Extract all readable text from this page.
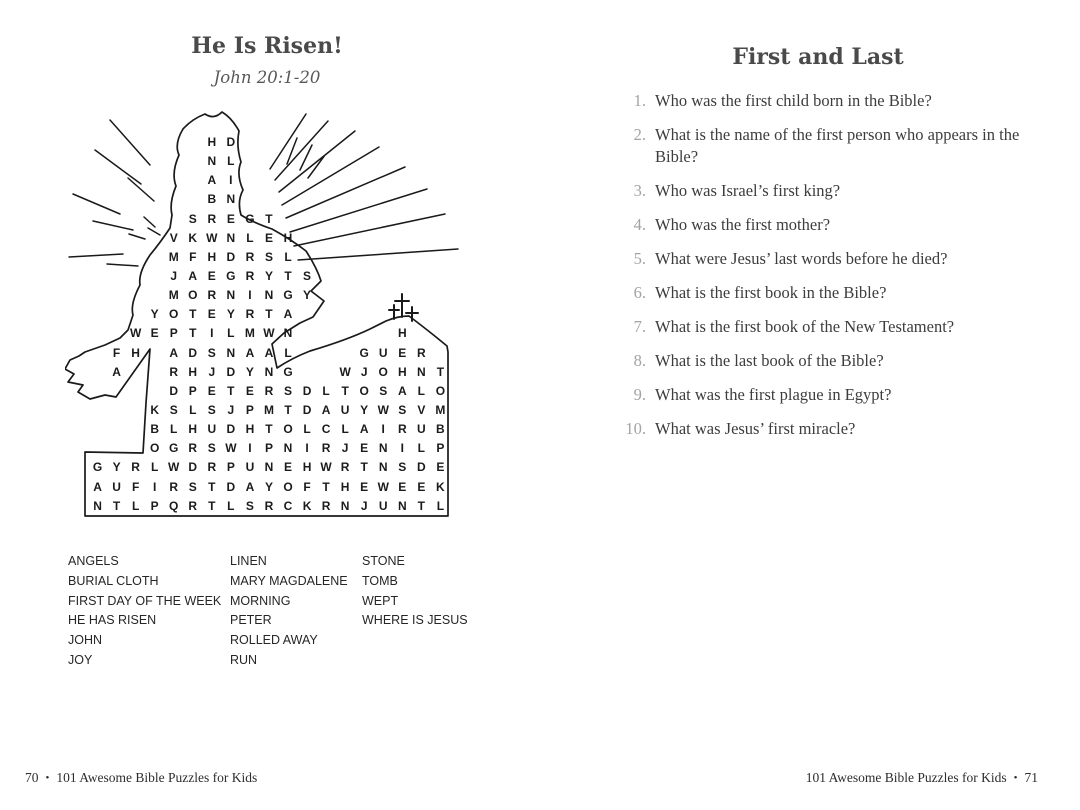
He Is Risen!
John 20:1-20
H D
N L
A	I
B N
S R E G T
V K W N L E H
M F H D R S L
J A E G R Y T S
M O R N	I	N G Y
Y O T E Y R T A
W E P T	I	L M W N	H
F H	A D S N A A L	G U E R
A	R H J D Y N G	W J O H N T
D P E T E R S D L T O S A L O
K S L S J P M T D A U Y W S V M
B L H U D H T O L C L A	I	R U B
O G R S W I	P N	I	R J E N	I	L P
G Y R L W D R P U N E H W R T N S D E
A U F	I	R S T D A Y O F T H E W E E K
N T L P Q R T L S R C K R N J U N T L
ANGELS
BURIAL CLOTH
FIRST DAY OF THE WEEK
HE HAS RISEN
JOHN
JOY
LINEN
MARY MAGDALENE
MORNING
PETER
ROLLED AWAY
RUN
STONE
TOMB
WEPT
WHERE IS JESUS
70 • 101 Awesome Bible Puzzles for Kids
First and Last
1. Who was the first child born in the Bible?
2. What is the name of the first person who appears in the Bible?
3. Who was Israel’s first king?
4. Who was the first mother?
5. What were Jesus’ last words before he died?
6. What is the first book in the Bible?
7. What is the first book of the New Testament?
8. What is the last book of the Bible?
9. What was the first plague in Egypt?
10. What was Jesus’ first miracle?
101 Awesome Bible Puzzles for Kids • 71
